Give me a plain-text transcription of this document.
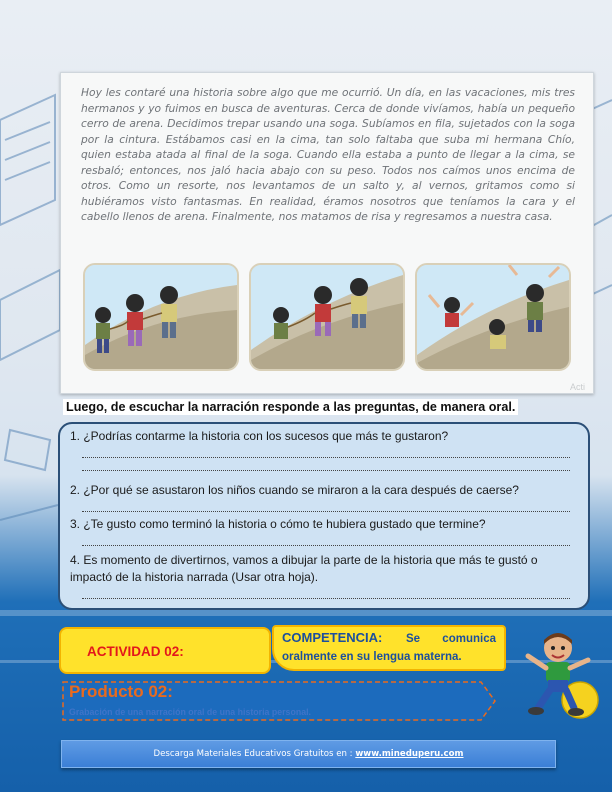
Hoy les contaré una historia sobre algo que me ocurrió. Un día, en las vacaciones, mis tres hermanos y yo fuimos en busca de aventuras. Cerca de donde vivíamos, había un pequeño cerro de arena. Decidimos trepar usando una soga. Subíamos en fila, sujetados con la soga por la cintura. Estábamos casi en la cima, tan solo faltaba que suba mi hermana Chío, quien estaba atada al final de la soga. Cuando ella estaba a punto de llegar a la cima, se resbaló; entonces, nos jaló hacia abajo con su peso. Todos nos caímos unos encima de otros. Como un resorte, nos levantamos de un salto y, al vernos, gritamos como si hubiéramos visto fantasmas. En realidad, éramos nosotros que teníamos la cara y el cabello llenos de arena. Finalmente, nos matamos de risa y regresamos a nuestra casa.

Acti

Luego, de escuchar la narración responde a las preguntas, de manera oral.

1. ¿Podrías contarme la historia con los sucesos que más te gustaron?
2. ¿Por qué se asustaron los niños cuando se miraron a la cara después de caerse?
3. ¿Te gusto como terminó la historia o cómo te hubiera gustado que termine?
4. Es momento de divertirnos, vamos a dibujar la parte de la historia que más te gustó o impactó de la historia narrada (Usar otra hoja).
ACTIVIDAD 02:
COMPETENCIA: Se comunica oralmente en su lengua materna.
Producto 02:
Grabación de una narración oral de una historia personal.
Descarga Materiales Educativos Gratuitos en : www.mineduperu.com
